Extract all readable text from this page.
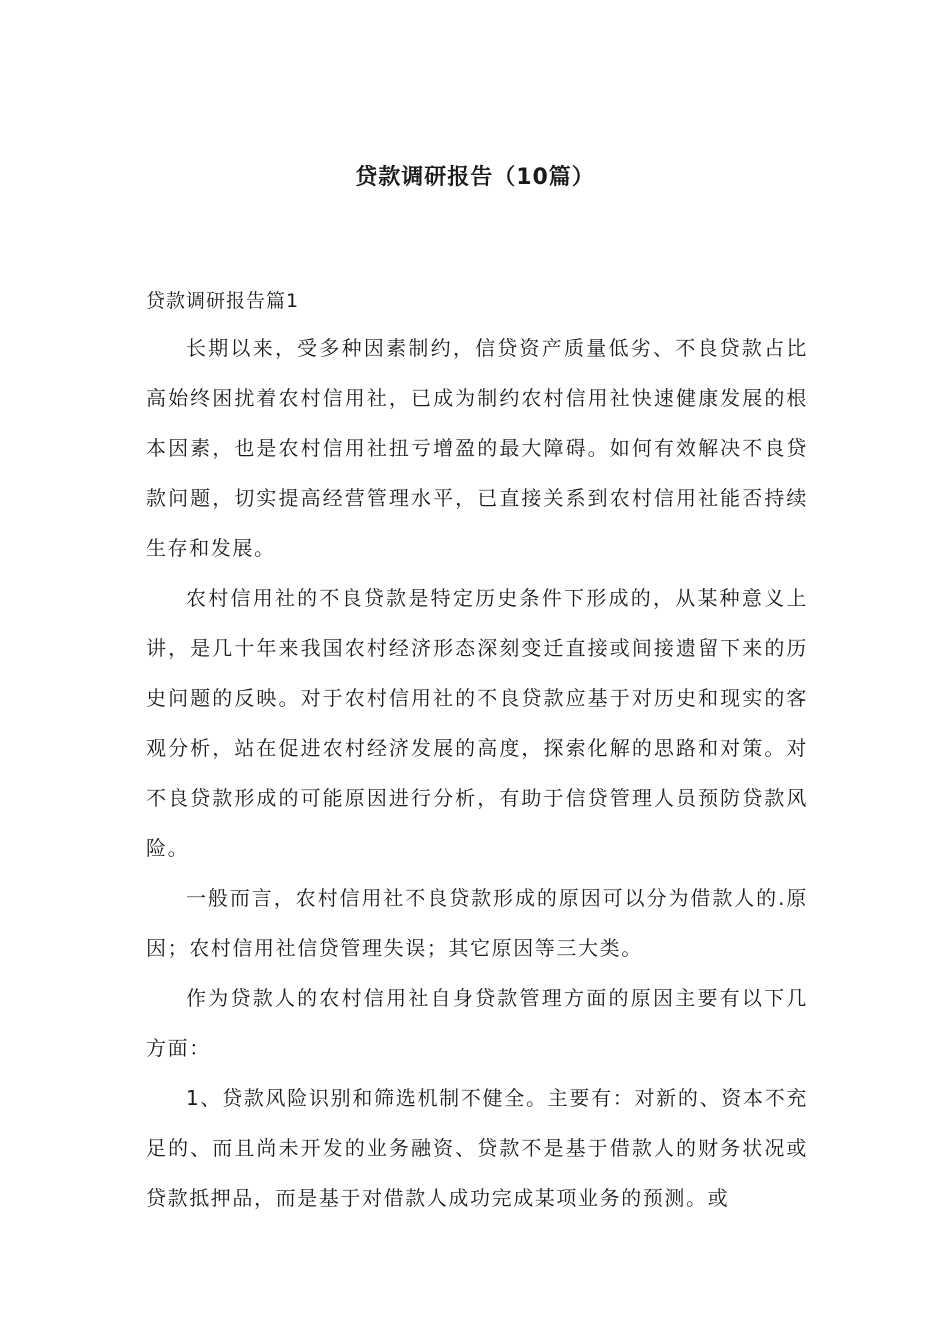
贷款调研报告（10篇）
贷款调研报告篇1

长期以来，受多种因素制约，信贷资产质量低劣、不良贷款占比高始终困扰着农村信用社，已成为制约农村信用社快速健康发展的根本因素，也是农村信用社扭亏增盈的最大障碍。如何有效解决不良贷款问题，切实提高经营管理水平，已直接关系到农村信用社能否持续生存和发展。

农村信用社的不良贷款是特定历史条件下形成的，从某种意义上讲，是几十年来我国农村经济形态深刻变迁直接或间接遗留下来的历史问题的反映。对于农村信用社的不良贷款应基于对历史和现实的客观分析，站在促进农村经济发展的高度，探索化解的思路和对策。对不良贷款形成的可能原因进行分析，有助于信贷管理人员预防贷款风险。

一般而言，农村信用社不良贷款形成的原因可以分为借款人的.原因；农村信用社信贷管理失误；其它原因等三大类。

作为贷款人的农村信用社自身贷款管理方面的原因主要有以下几方面：

1、贷款风险识别和筛选机制不健全。主要有：对新的、资本不充足的、而且尚未开发的业务融资、贷款不是基于借款人的财务状况或贷款抵押品，而是基于对借款人成功完成某项业务的预测。或
